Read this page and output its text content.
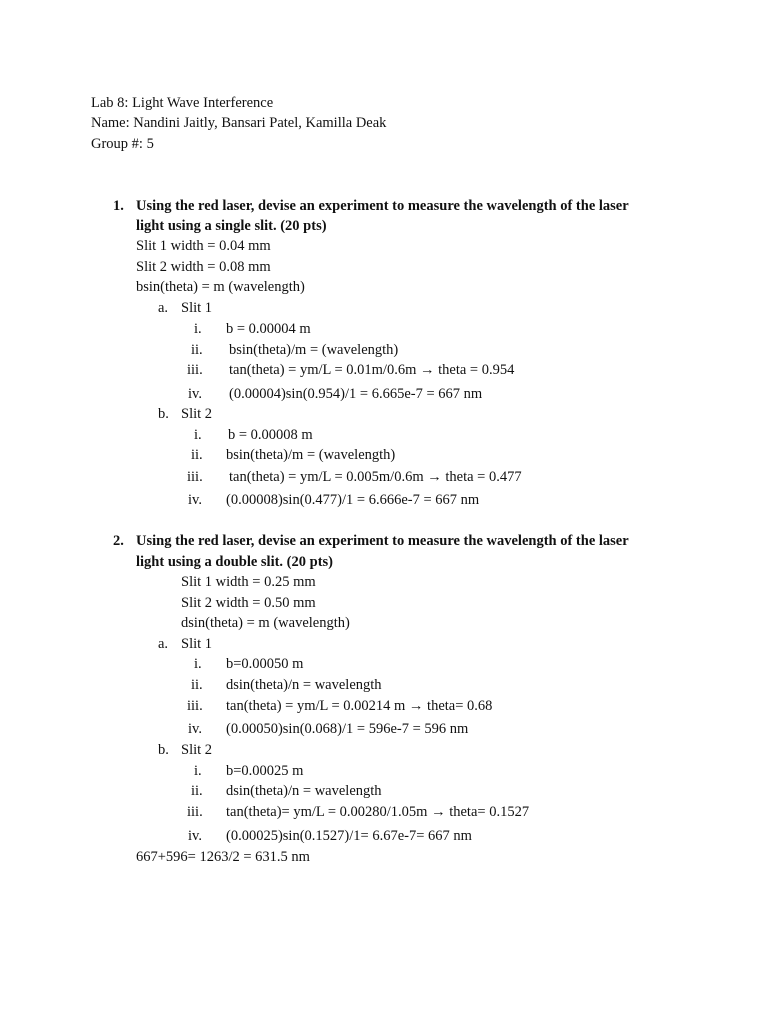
Lab 8: Light Wave Interference
Name: Nandini Jaitly, Bansari Patel, Kamilla Deak
Group #: 5
1. Using the red laser, devise an experiment to measure the wavelength of the laser
light using a single slit. (20 pts)
Slit 1 width = 0.04 mm
Slit 2 width = 0.08 mm
bsin(theta) = m (wavelength)
a. Slit 1
i. b = 0.00004 m
ii. bsin(theta)/m = (wavelength)
iii. tan(theta) = ym/L = 0.01m/0.6m → theta = 0.954
iv. (0.00004)sin(0.954)/1 = 6.665e-7 = 667 nm
b. Slit 2
i. b = 0.00008 m
ii. bsin(theta)/m = (wavelength)
iii. tan(theta) = ym/L = 0.005m/0.6m → theta = 0.477
iv. (0.00008)sin(0.477)/1 = 6.666e-7 = 667 nm
2. Using the red laser, devise an experiment to measure the wavelength of the laser
light using a double slit. (20 pts)
Slit 1 width = 0.25 mm
Slit 2 width = 0.50 mm
dsin(theta) = m (wavelength)
a. Slit 1
i. b=0.00050 m
ii. dsin(theta)/n = wavelength
iii. tan(theta) = ym/L = 0.00214 m → theta= 0.68
iv. (0.00050)sin(0.068)/1 = 596e-7 = 596 nm
b. Slit 2
i. b=0.00025 m
ii. dsin(theta)/n = wavelength
iii. tan(theta)= ym/L = 0.00280/1.05m → theta= 0.1527
iv. (0.00025)sin(0.1527)/1= 6.67e-7= 667 nm
667+596= 1263/2 = 631.5 nm
